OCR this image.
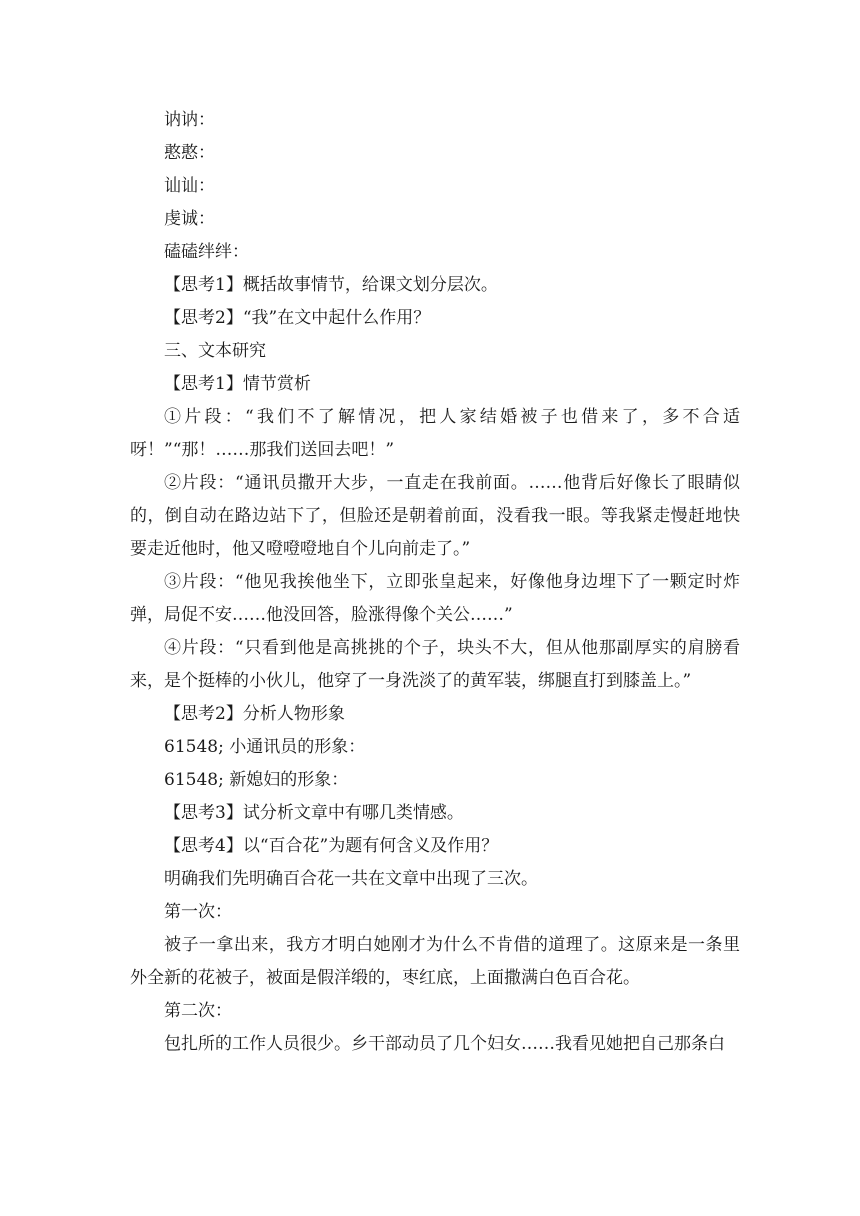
讷讷：

憨憨：

讪讪：

虔诚：

磕磕绊绊：

【思考1】概括故事情节，给课文划分层次。

【思考2】“我”在文中起什么作用？

三、文本研究

【思考1】情节赏析

①片段：“我们不了解情况，把人家结婚被子也借来了，多不合适 呀！”“那！……那我们送回去吧！”

②片段：“通讯员撒开大步，一直走在我前面。……他背后好像长了眼睛似的，倒自动在路边站下了，但脸还是朝着前面，没看我一眼。等我紧走慢赶地快要走近他时，他又噔噔噔地自个儿向前走了。”

③片段：“他见我挨他坐下，立即张皇起来，好像他身边埋下了一颗定时炸弹，局促不安……他没回答，脸涨得像个关公……”

④片段：“只看到他是高挑挑的个子，块头不大，但从他那副厚实的肩膀看来，是个挺棒的小伙儿，他穿了一身洗淡了的黄军装，绑腿直打到膝盖上。”

【思考2】分析人物形象

61548; 小通讯员的形象：

61548; 新媳妇的形象：

【思考3】试分析文章中有哪几类情感。

【思考4】以“百合花”为题有何含义及作用？

明确我们先明确百合花一共在文章中出现了三次。

第一次：

被子一拿出来，我方才明白她刚才为什么不肯借的道理了。这原来是一条里外全新的花被子，被面是假洋缎的，枣红底，上面撒满白色百合花。

第二次：

包扎所的工作人员很少。乡干部动员了几个妇女……我看见她把自己那条白
